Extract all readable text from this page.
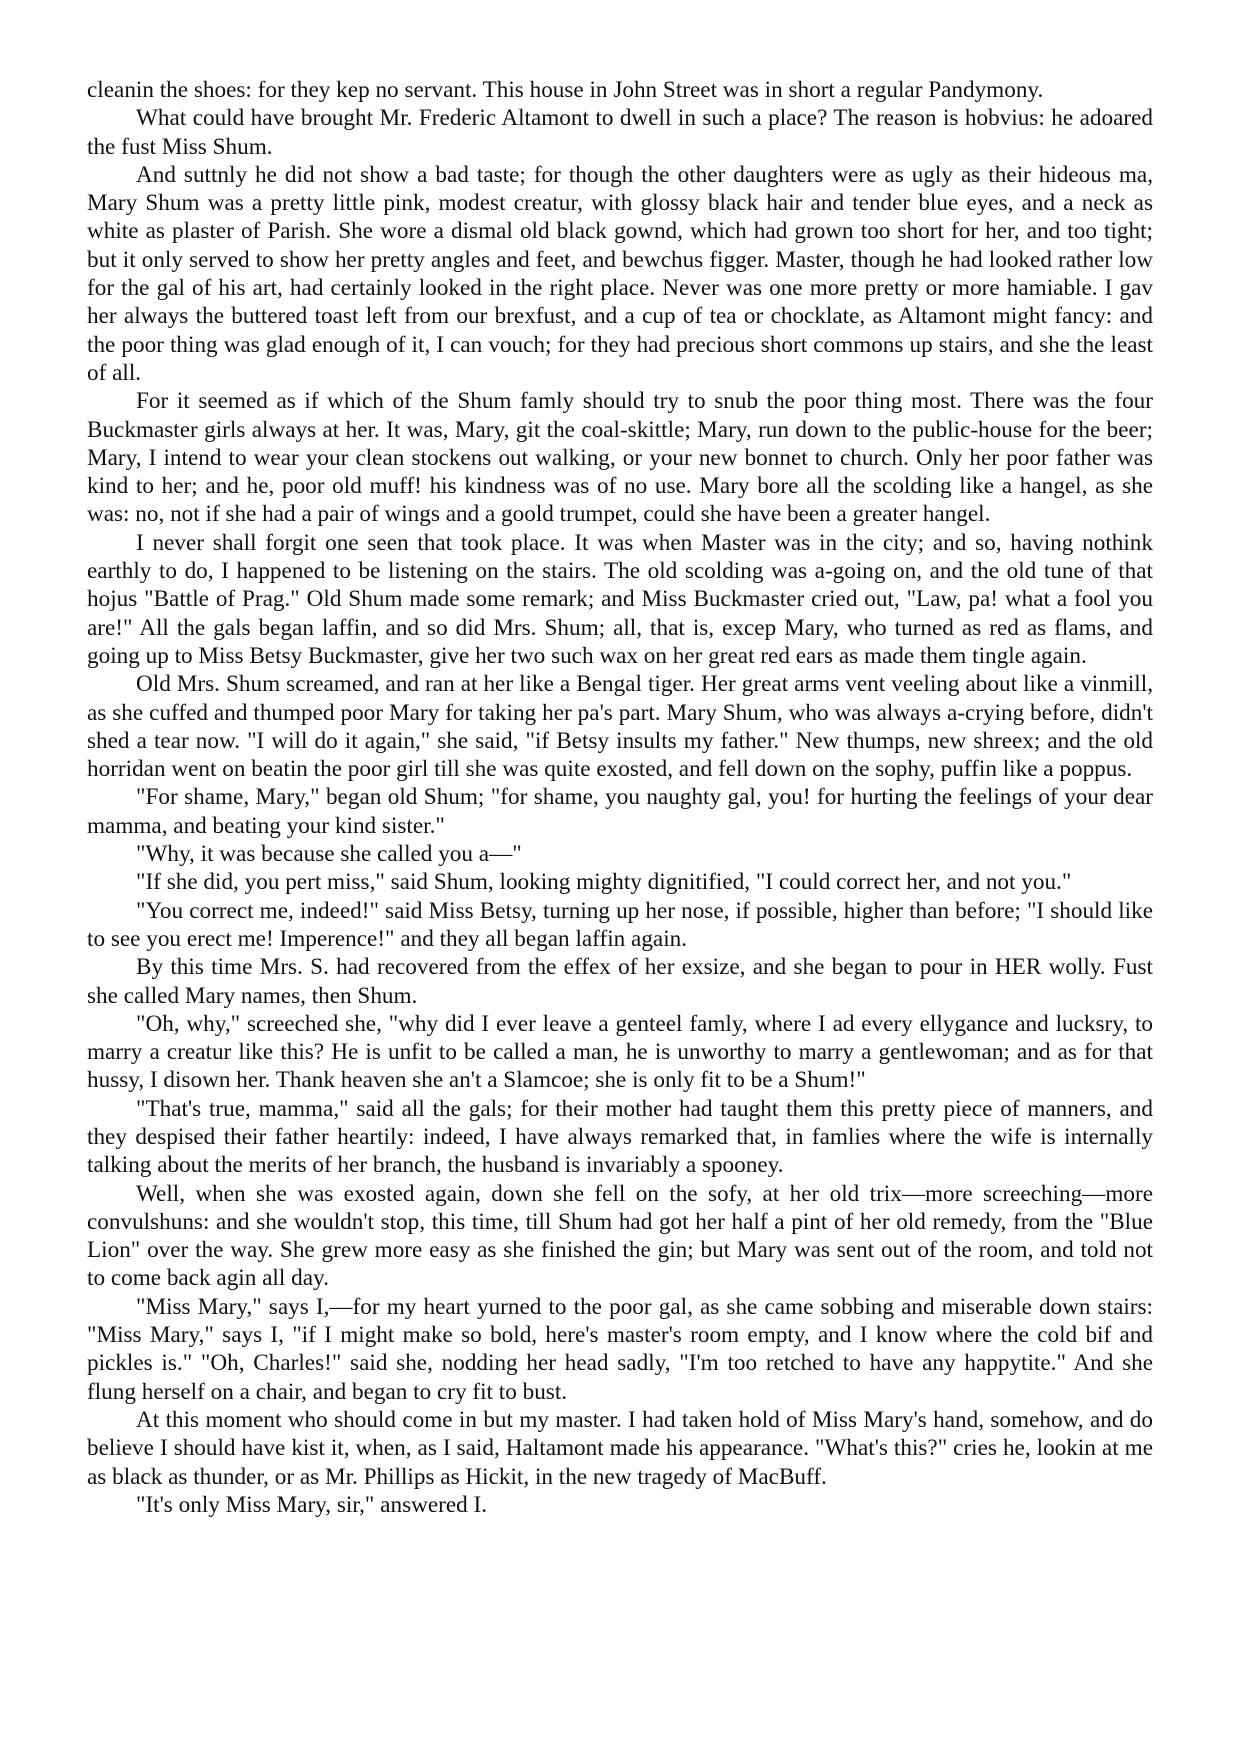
cleanin the shoes: for they kep no servant. This house in John Street was in short a regular Pandymony.

What could have brought Mr. Frederic Altamont to dwell in such a place? The reason is hobvius: he adoared the fust Miss Shum.

And suttnly he did not show a bad taste; for though the other daughters were as ugly as their hideous ma, Mary Shum was a pretty little pink, modest creatur, with glossy black hair and tender blue eyes, and a neck as white as plaster of Parish. She wore a dismal old black gownd, which had grown too short for her, and too tight; but it only served to show her pretty angles and feet, and bewchus figger. Master, though he had looked rather low for the gal of his art, had certainly looked in the right place. Never was one more pretty or more hamiable. I gav her always the buttered toast left from our brexfust, and a cup of tea or chocklate, as Altamont might fancy: and the poor thing was glad enough of it, I can vouch; for they had precious short commons up stairs, and she the least of all.

For it seemed as if which of the Shum famly should try to snub the poor thing most. There was the four Buckmaster girls always at her. It was, Mary, git the coal-skittle; Mary, run down to the public-house for the beer; Mary, I intend to wear your clean stockens out walking, or your new bonnet to church. Only her poor father was kind to her; and he, poor old muff! his kindness was of no use. Mary bore all the scolding like a hangel, as she was: no, not if she had a pair of wings and a goold trumpet, could she have been a greater hangel.

I never shall forgit one seen that took place. It was when Master was in the city; and so, having nothink earthly to do, I happened to be listening on the stairs. The old scolding was a-going on, and the old tune of that hojus "Battle of Prag." Old Shum made some remark; and Miss Buckmaster cried out, "Law, pa! what a fool you are!" All the gals began laffin, and so did Mrs. Shum; all, that is, excep Mary, who turned as red as flams, and going up to Miss Betsy Buckmaster, give her two such wax on her great red ears as made them tingle again.

Old Mrs. Shum screamed, and ran at her like a Bengal tiger. Her great arms vent veeling about like a vinmill, as she cuffed and thumped poor Mary for taking her pa's part. Mary Shum, who was always a-crying before, didn't shed a tear now. "I will do it again," she said, "if Betsy insults my father." New thumps, new shreex; and the old horridan went on beatin the poor girl till she was quite exosted, and fell down on the sophy, puffin like a poppus.

"For shame, Mary," began old Shum; "for shame, you naughty gal, you! for hurting the feelings of your dear mamma, and beating your kind sister."

"Why, it was because she called you a—"

"If she did, you pert miss," said Shum, looking mighty dignitified, "I could correct her, and not you."

"You correct me, indeed!" said Miss Betsy, turning up her nose, if possible, higher than before; "I should like to see you erect me! Imperence!" and they all began laffin again.

By this time Mrs. S. had recovered from the effex of her exsize, and she began to pour in HER wolly. Fust she called Mary names, then Shum.

"Oh, why," screeched she, "why did I ever leave a genteel famly, where I ad every ellygance and lucksry, to marry a creatur like this? He is unfit to be called a man, he is unworthy to marry a gentlewoman; and as for that hussy, I disown her. Thank heaven she an't a Slamcoe; she is only fit to be a Shum!"

"That's true, mamma," said all the gals; for their mother had taught them this pretty piece of manners, and they despised their father heartily: indeed, I have always remarked that, in famlies where the wife is internally talking about the merits of her branch, the husband is invariably a spooney.

Well, when she was exosted again, down she fell on the sofy, at her old trix—more screeching—more convulshuns: and she wouldn't stop, this time, till Shum had got her half a pint of her old remedy, from the "Blue Lion" over the way. She grew more easy as she finished the gin; but Mary was sent out of the room, and told not to come back agin all day.

"Miss Mary," says I,—for my heart yurned to the poor gal, as she came sobbing and miserable down stairs: "Miss Mary," says I, "if I might make so bold, here's master's room empty, and I know where the cold bif and pickles is." "Oh, Charles!" said she, nodding her head sadly, "I'm too retched to have any happytite." And she flung herself on a chair, and began to cry fit to bust.

At this moment who should come in but my master. I had taken hold of Miss Mary's hand, somehow, and do believe I should have kist it, when, as I said, Haltamont made his appearance. "What's this?" cries he, lookin at me as black as thunder, or as Mr. Phillips as Hickit, in the new tragedy of MacBuff.

"It's only Miss Mary, sir," answered I.
